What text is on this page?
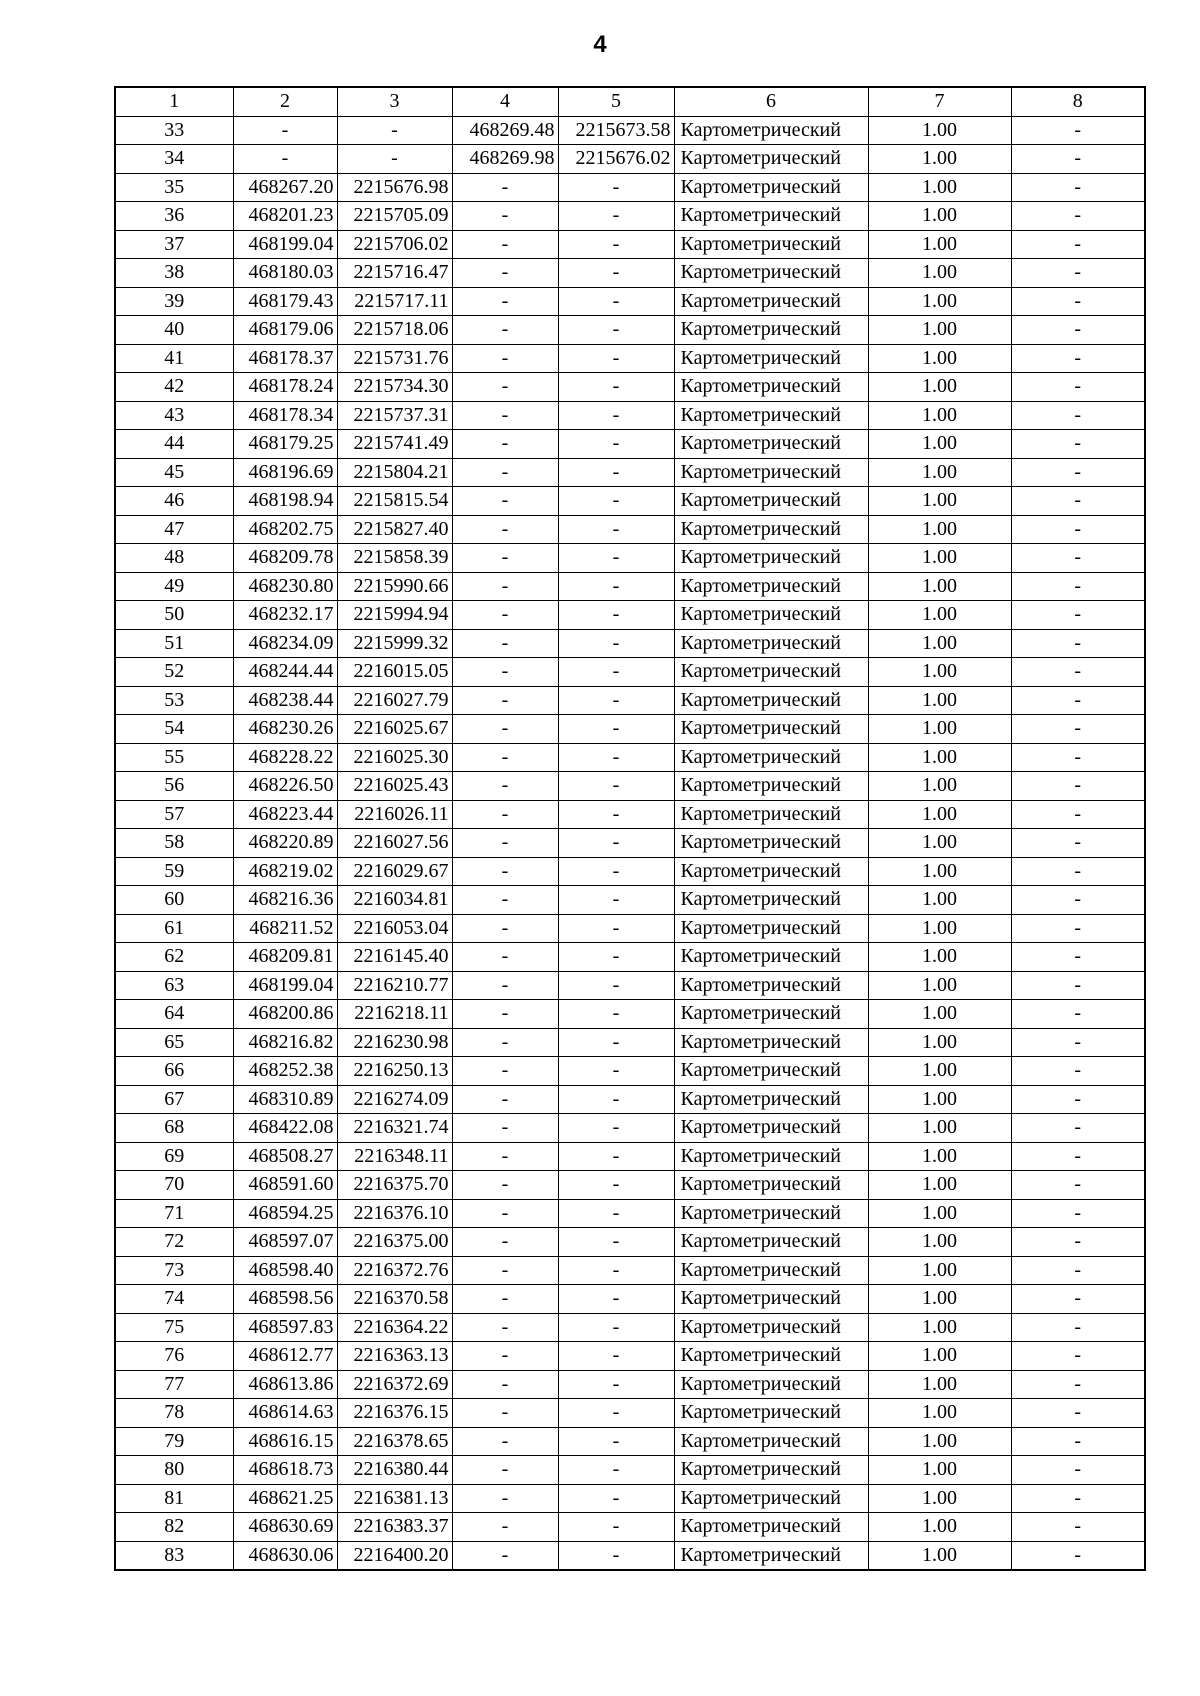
4
1	2	3	4	5	6	7	8
33	-	-	468269.48	2215673.58	Картометрический	1.00	-
34	-	-	468269.98	2215676.02	Картометрический	1.00	-
35	468267.20	2215676.98	-	-	Картометрический	1.00	-
36	468201.23	2215705.09	-	-	Картометрический	1.00	-
37	468199.04	2215706.02	-	-	Картометрический	1.00	-
38	468180.03	2215716.47	-	-	Картометрический	1.00	-
39	468179.43	2215717.11	-	-	Картометрический	1.00	-
40	468179.06	2215718.06	-	-	Картометрический	1.00	-
41	468178.37	2215731.76	-	-	Картометрический	1.00	-
42	468178.24	2215734.30	-	-	Картометрический	1.00	-
43	468178.34	2215737.31	-	-	Картометрический	1.00	-
44	468179.25	2215741.49	-	-	Картометрический	1.00	-
45	468196.69	2215804.21	-	-	Картометрический	1.00	-
46	468198.94	2215815.54	-	-	Картометрический	1.00	-
47	468202.75	2215827.40	-	-	Картометрический	1.00	-
48	468209.78	2215858.39	-	-	Картометрический	1.00	-
49	468230.80	2215990.66	-	-	Картометрический	1.00	-
50	468232.17	2215994.94	-	-	Картометрический	1.00	-
51	468234.09	2215999.32	-	-	Картометрический	1.00	-
52	468244.44	2216015.05	-	-	Картометрический	1.00	-
53	468238.44	2216027.79	-	-	Картометрический	1.00	-
54	468230.26	2216025.67	-	-	Картометрический	1.00	-
55	468228.22	2216025.30	-	-	Картометрический	1.00	-
56	468226.50	2216025.43	-	-	Картометрический	1.00	-
57	468223.44	2216026.11	-	-	Картометрический	1.00	-
58	468220.89	2216027.56	-	-	Картометрический	1.00	-
59	468219.02	2216029.67	-	-	Картометрический	1.00	-
60	468216.36	2216034.81	-	-	Картометрический	1.00	-
61	468211.52	2216053.04	-	-	Картометрический	1.00	-
62	468209.81	2216145.40	-	-	Картометрический	1.00	-
63	468199.04	2216210.77	-	-	Картометрический	1.00	-
64	468200.86	2216218.11	-	-	Картометрический	1.00	-
65	468216.82	2216230.98	-	-	Картометрический	1.00	-
66	468252.38	2216250.13	-	-	Картометрический	1.00	-
67	468310.89	2216274.09	-	-	Картометрический	1.00	-
68	468422.08	2216321.74	-	-	Картометрический	1.00	-
69	468508.27	2216348.11	-	-	Картометрический	1.00	-
70	468591.60	2216375.70	-	-	Картометрический	1.00	-
71	468594.25	2216376.10	-	-	Картометрический	1.00	-
72	468597.07	2216375.00	-	-	Картометрический	1.00	-
73	468598.40	2216372.76	-	-	Картометрический	1.00	-
74	468598.56	2216370.58	-	-	Картометрический	1.00	-
75	468597.83	2216364.22	-	-	Картометрический	1.00	-
76	468612.77	2216363.13	-	-	Картометрический	1.00	-
77	468613.86	2216372.69	-	-	Картометрический	1.00	-
78	468614.63	2216376.15	-	-	Картометрический	1.00	-
79	468616.15	2216378.65	-	-	Картометрический	1.00	-
80	468618.73	2216380.44	-	-	Картометрический	1.00	-
81	468621.25	2216381.13	-	-	Картометрический	1.00	-
82	468630.69	2216383.37	-	-	Картометрический	1.00	-
83	468630.06	2216400.20	-	-	Картометрический	1.00	-
